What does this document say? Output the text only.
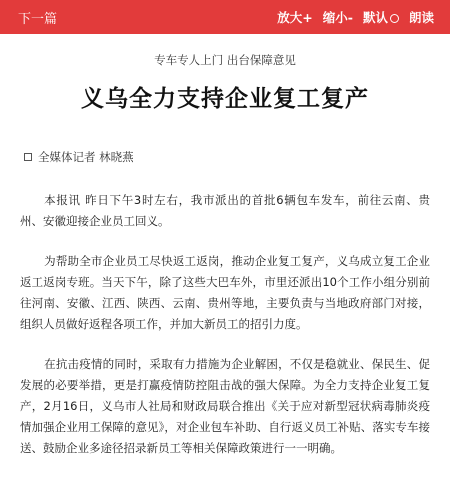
下一篇	放大+ 缩小- 默认	朗读
专车专人上门 出台保障意见
义乌全力支持企业复工复产
全媒体记者 林晓燕

本报讯 昨日下午3时左右，我市派出的首批6辆包车发车，前往云南、贵州、安徽迎接企业员工回义。

为帮助全市企业员工尽快返工返岗，推动企业复工复产，义乌成立复工企业返工返岗专班。当天下午，除了这些大巴车外，市里还派出10个工作小组分别前往河南、安徽、江西、陕西、云南、贵州等地，主要负责与当地政府部门对接，组织人员做好返程各项工作，并加大新员工的招引力度。

在抗击疫情的同时，采取有力措施为企业解困，不仅是稳就业、保民生、促发展的必要举措，更是打赢疫情防控阻击战的强大保障。为全力支持企业复工复产，2月16日，义乌市人社局和财政局联合推出《关于应对新型冠状病毒肺炎疫情加强企业用工保障的意见》，对企业包车补助、自行返义员工补贴、落实专车接送、鼓励企业多途径招录新员工等相关保障政策进行一一明确。
